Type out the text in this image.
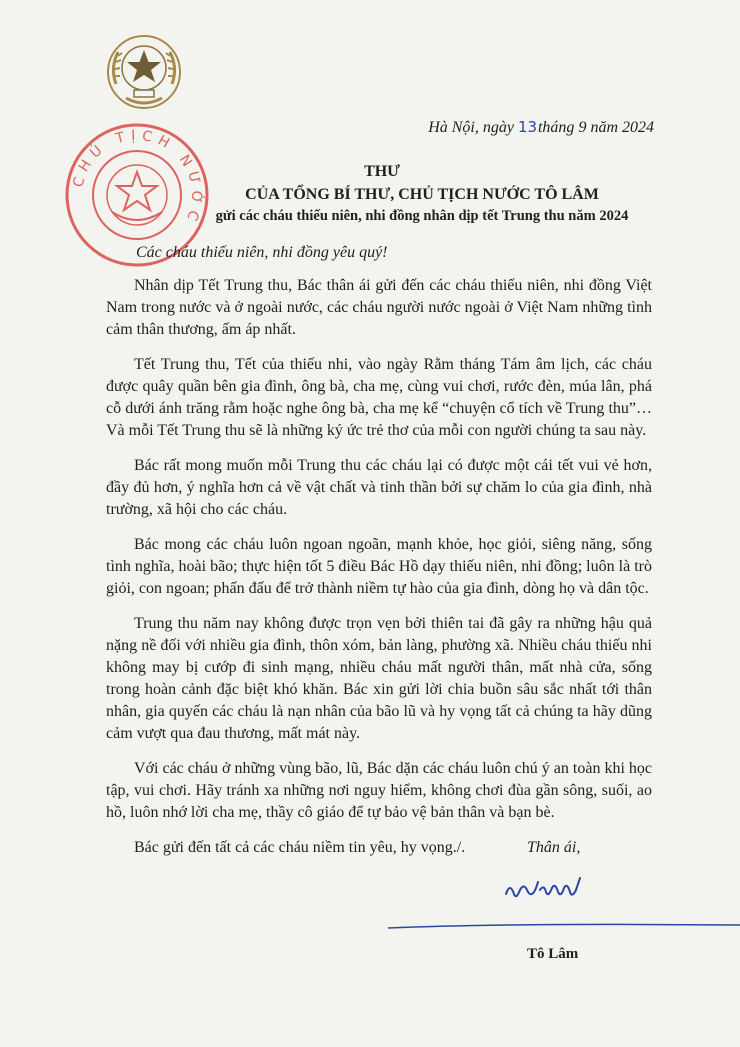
CHỦ TỊCH NƯỚC
Hà Nội, ngày 13 tháng 9 năm 2024
THƯ
CỦA TỔNG BÍ THƯ, CHỦ TỊCH NƯỚC TÔ LÂM
gửi các cháu thiếu niên, nhi đồng nhân dịp tết Trung thu năm 2024
Các cháu thiếu niên, nhi đồng yêu quý!

Nhân dịp Tết Trung thu, Bác thân ái gửi đến các cháu thiếu niên, nhi đồng Việt Nam trong nước và ở ngoài nước, các cháu người nước ngoài ở Việt Nam những tình cảm thân thương, ấm áp nhất.

Tết Trung thu, Tết của thiếu nhi, vào ngày Rằm tháng Tám âm lịch, các cháu được quây quần bên gia đình, ông bà, cha mẹ, cùng vui chơi, rước đèn, múa lân, phá cỗ dưới ánh trăng rằm hoặc nghe ông bà, cha mẹ kể “chuyện cổ tích về Trung thu”… Và mỗi Tết Trung thu sẽ là những ký ức trẻ thơ của mỗi con người chúng ta sau này.

Bác rất mong muốn mỗi Trung thu các cháu lại có được một cái tết vui vẻ hơn, đầy đủ hơn, ý nghĩa hơn cả về vật chất và tinh thần bởi sự chăm lo của gia đình, nhà trường, xã hội cho các cháu.

Bác mong các cháu luôn ngoan ngoãn, mạnh khỏe, học giỏi, siêng năng, sống tình nghĩa, hoài bão; thực hiện tốt 5 điều Bác Hồ dạy thiếu niên, nhi đồng; luôn là trò giỏi, con ngoan; phấn đấu để trở thành niềm tự hào của gia đình, dòng họ và dân tộc.

Trung thu năm nay không được trọn vẹn bởi thiên tai đã gây ra những hậu quả nặng nề đối với nhiều gia đình, thôn xóm, bản làng, phường xã. Nhiều cháu thiếu nhi không may bị cướp đi sinh mạng, nhiều cháu mất người thân, mất nhà cửa, sống trong hoàn cảnh đặc biệt khó khăn. Bác xin gửi lời chia buồn sâu sắc nhất tới thân nhân, gia quyến các cháu là nạn nhân của bão lũ và hy vọng tất cả chúng ta hãy dũng cảm vượt qua đau thương, mất mát này.

Với các cháu ở những vùng bão, lũ, Bác dặn các cháu luôn chú ý an toàn khi học tập, vui chơi. Hãy tránh xa những nơi nguy hiểm, không chơi đùa gần sông, suối, ao hồ, luôn nhớ lời cha mẹ, thầy cô giáo để tự bảo vệ bản thân và bạn bè.

Bác gửi đến tất cả các cháu niềm tin yêu, hy vọng./.	Thân ái,
Tô Lâm
